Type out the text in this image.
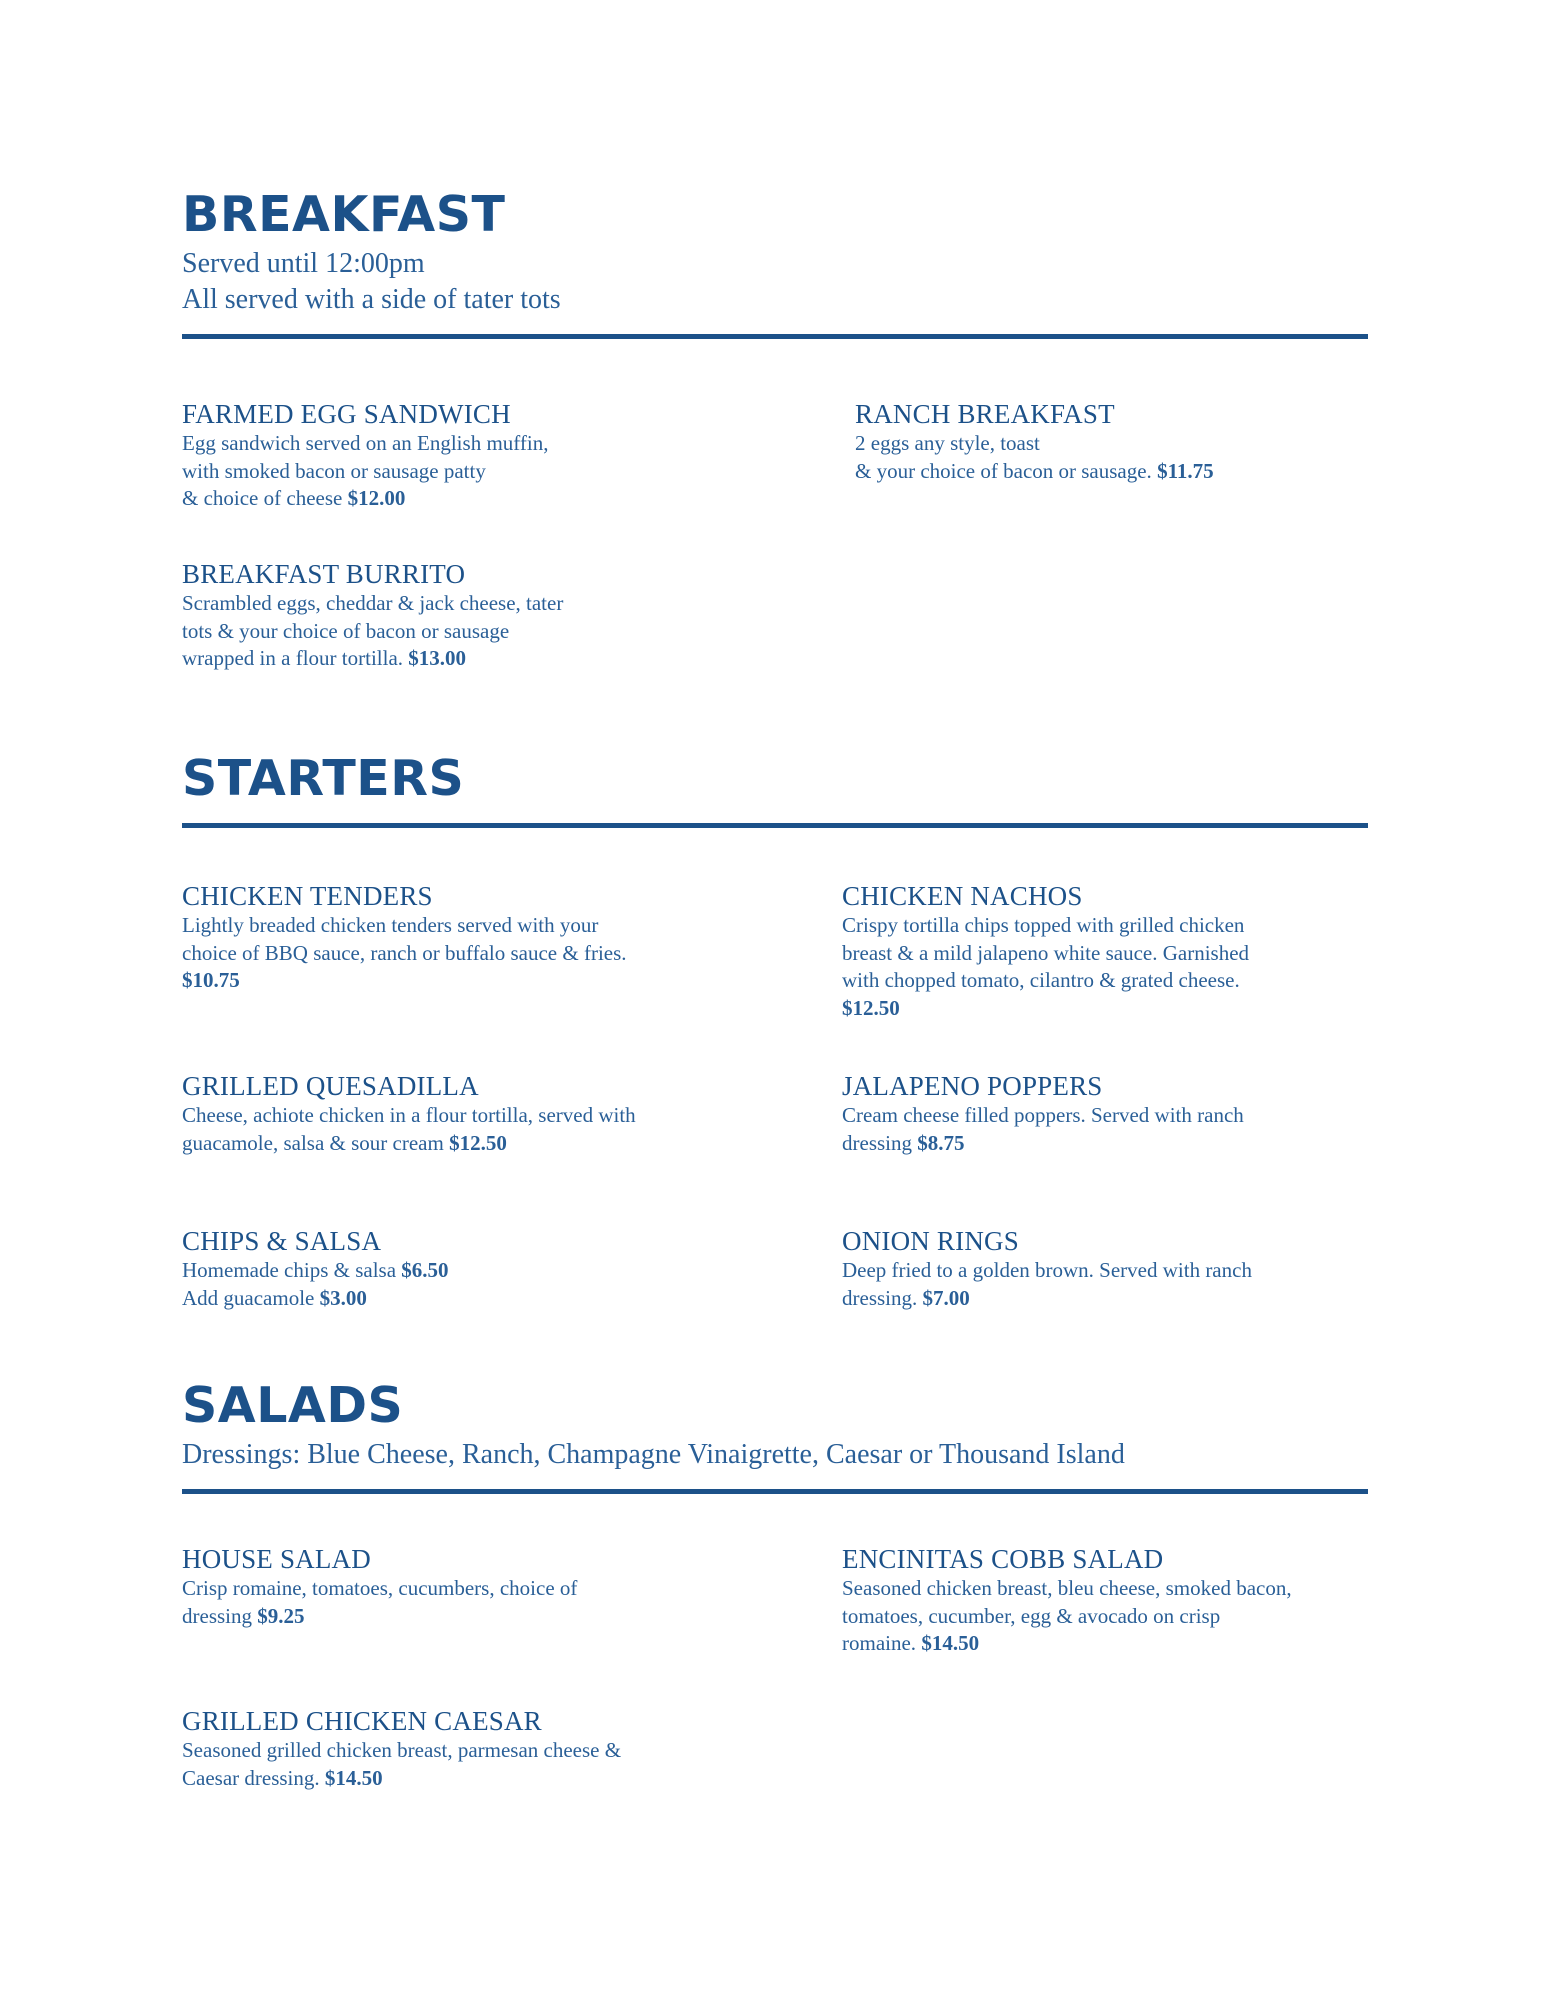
BREAKFAST

Served until 12:00pm

All served with a side of tater tots

FARMED EGG SANDWICH

Egg sandwich served on an English muffin,
with smoked bacon or sausage patty
& choice of cheese $12.00

RANCH BREAKFAST

2 eggs any style, toast
& your choice of bacon or sausage. $11.75

BREAKFAST BURRITO

Scrambled eggs, cheddar & jack cheese, tater
tots & your choice of bacon or sausage
wrapped in a flour tortilla. $13.00

STARTERS

CHICKEN TENDERS

Lightly breaded chicken tenders served with your
choice of BBQ sauce, ranch or buffalo sauce & fries.
$10.75

CHICKEN NACHOS

Crispy tortilla chips topped with grilled chicken
breast & a mild jalapeno white sauce. Garnished
with chopped tomato, cilantro & grated cheese.
$12.50

GRILLED QUESADILLA

Cheese, achiote chicken in a flour tortilla, served with
guacamole, salsa & sour cream $12.50

JALAPENO POPPERS

Cream cheese filled poppers. Served with ranch
dressing $8.75

CHIPS & SALSA

Homemade chips & salsa $6.50

Add guacamole $3.00

ONION RINGS

Deep fried to a golden brown. Served with ranch
dressing. $7.00

SALADS

Dressings: Blue Cheese, Ranch, Champagne Vinaigrette, Caesar or Thousand Island

HOUSE SALAD

Crisp romaine, tomatoes, cucumbers, choice of
dressing $9.25

ENCINITAS COBB SALAD

Seasoned chicken breast, bleu cheese, smoked bacon,
tomatoes, cucumber, egg & avocado on crisp
romaine. $14.50

GRILLED CHICKEN CAESAR

Seasoned grilled chicken breast, parmesan cheese &
Caesar dressing. $14.50
